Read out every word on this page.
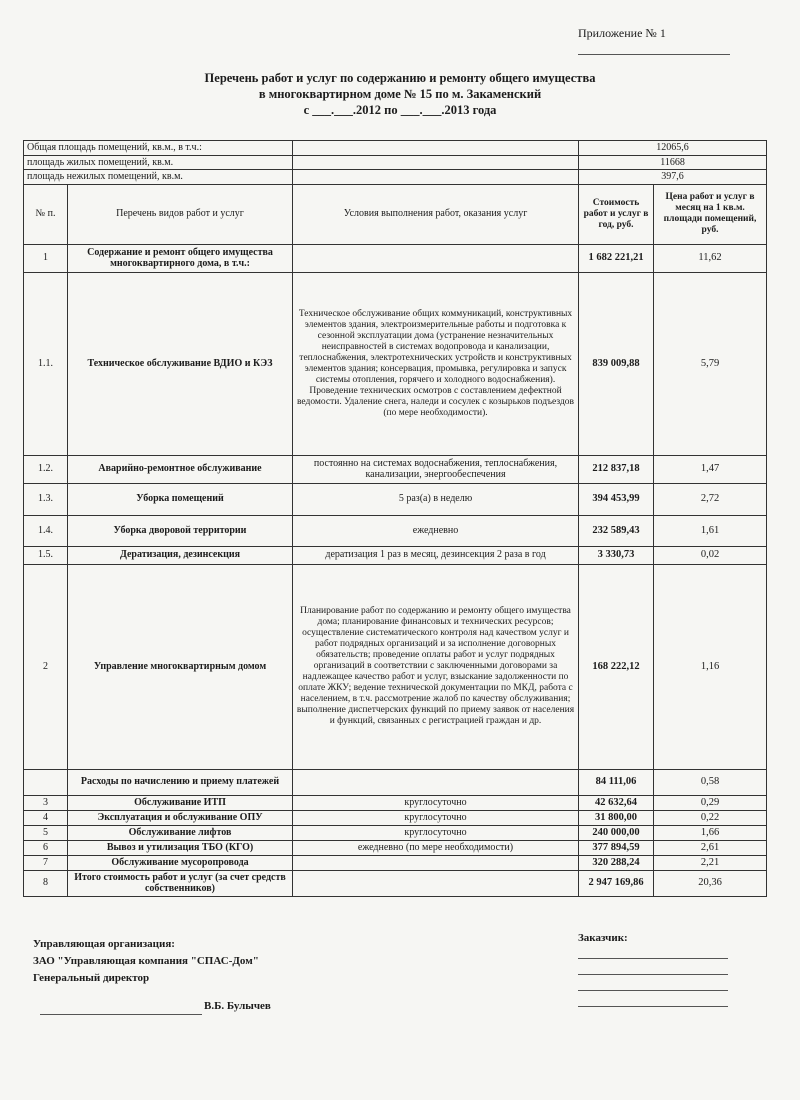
Приложение № 1
Перечень работ и услуг по содержанию и ремонту общего имущества
в многоквартирном доме № 15 по м. Закаменский
с ___.___.2012 по ___.___.2013 года
Общая площадь помещений, кв.м., в т.ч.:			12065,6	
площадь жилых помещений, кв.м.			11668	
площадь нежилых помещений, кв.м.			397,6	
№ п.	Перечень видов работ и услуг	Условия выполнения работ, оказания услуг	Стоимость работ и услуг в год, руб.	Цена работ и услуг в месяц на 1 кв.м. площади помещений, руб.
1	Содержание и ремонт общего имущества многоквартирного дома, в т.ч.:		1 682 221,21	11,62
1.1.	Техническое обслуживание ВДИО и КЭЗ	Техническое обслуживание общих коммуникаций, конструктивных элементов здания, электроизмерительные работы и подготовка к сезонной эксплуатации дома (устранение незначительных неисправностей в системах водопровода и канализации, теплоснабжения, электротехнических устройств и конструктивных элементов здания; консервация, промывка, регулировка и запуск системы отопления, горячего и холодного водоснабжения). Проведение технических осмотров с составлением дефектной ведомости. Удаление снега, наледи и сосулек с козырьков подъездов (по мере необходимости).	839 009,88	5,79
1.2.	Аварийно-ремонтное обслуживание	постоянно на системах водоснабжения, теплоснабжения, канализации, энергообеспечения	212 837,18	1,47
1.3.	Уборка помещений	5 раз(а) в неделю	394 453,99	2,72
1.4.	Уборка дворовой территории	ежедневно	232 589,43	1,61
1.5.	Дератизация, дезинсекция	дератизация 1 раз в месяц, дезинсекция 2 раза в год	3 330,73	0,02
2	Управление многоквартирным домом	Планирование работ по содержанию и ремонту общего имущества дома; планирование финансовых и технических ресурсов; осуществление систематического контроля над качеством услуг и работ подрядных организаций и за исполнение договорных обязательств; проведение оплаты работ и услуг подрядных организаций в соответствии с заключенными договорами за надлежащее качество работ и услуг, взыскание задолженности по оплате ЖКУ; ведение технической документации по МКД, работа с населением, в т.ч. рассмотрение жалоб по качеству обслуживания; выполнение диспетчерских функций по приему заявок от населения и функций, связанных с регистрацией граждан и др.	168 222,12	1,16
	Расходы по начислению и приему платежей		84 111,06	0,58
3	Обслуживание ИТП	круглосуточно	42 632,64	0,29
4	Эксплуатация и обслуживание ОПУ	круглосуточно	31 800,00	0,22
5	Обслуживание лифтов	круглосуточно	240 000,00	1,66
6	Вывоз и утилизация ТБО (КГО)	ежедневно (по мере необходимости)	377 894,59	2,61
7	Обслуживание мусоропровода		320 288,24	2,21
8	Итого стоимость работ и услуг (за счет средств собственников)		2 947 169,86	20,36
Управляющая организация:
ЗАО "Управляющая компания "СПАС-Дом"
Генеральный директор
В.Б. Булычев
Заказчик:
